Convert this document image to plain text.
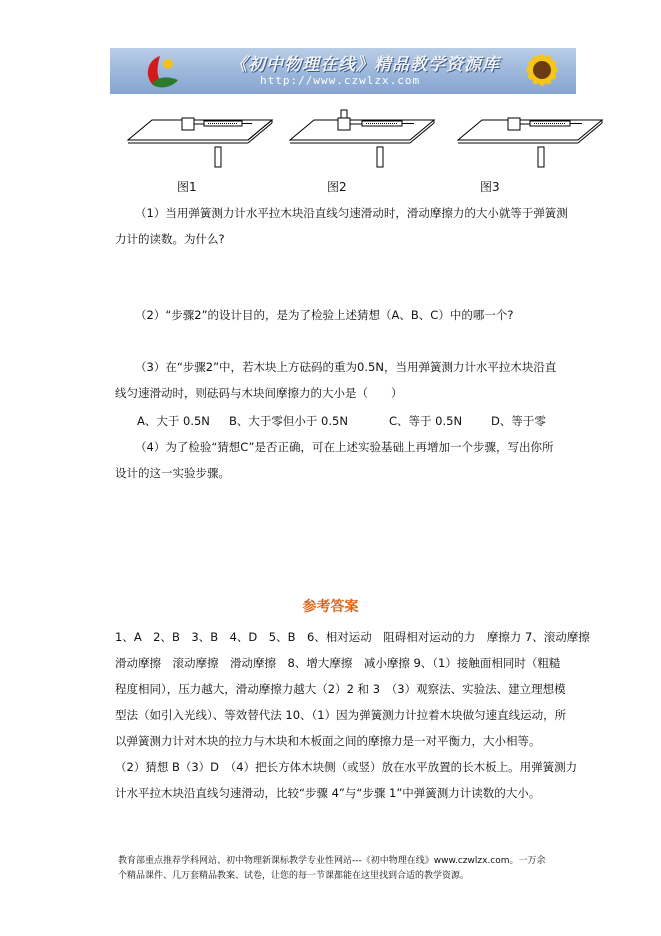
《初中物理在线》精品教学资源库
http://www.czwlzx.com
图1	图2	图3
（1）当用弹簧测力计水平拉木块沿直线匀速滑动时，滑动摩擦力的大小就等于弹簧测
力计的读数。为什么?
（2）“步骤2”的设计目的，是为了检验上述猜想（A、B、C）中的哪一个?
（3）在“步骤2”中，若木块上方砝码的重为0.5N，当用弹簧测力计水平拉木块沿直
线匀速滑动时，则砝码与木块间摩擦力的大小是（　　）
A、大于 0.5N	B、大于零但小于 0.5N	C、等于 0.5N	D、等于零
（4）为了检验“猜想C”是否正确，可在上述实验基础上再增加一个步骤，写出你所
设计的这一实验步骤。
参考答案
1、A　2、B　3、B　4、D　5、B　6、相对运动　阻碍相对运动的力　摩擦力 7、滚动摩擦
滑动摩擦　滚动摩擦　滑动摩擦　8、增大摩擦　减小摩擦 9、（1）接触面相同时（粗糙
程度相同），压力越大，滑动摩擦力越大（2）2 和 3　（3）观察法、实验法、建立理想模
型法（如引入光线）、等效替代法 10、（1）因为弹簧测力计拉着木块做匀速直线运动，所
以弹簧测力计对木块的拉力与木块和木板面之间的摩擦力是一对平衡力，大小相等。
（2）猜想 B（3）D　（4）把长方体木块侧（或竖）放在水平放置的长木板上。用弹簧测力
计水平拉木块沿直线匀速滑动，比较“步骤 4”与“步骤 1”中弹簧测力计读数的大小。
教育部重点推荐学科网站、初中物理新课标教学专业性网站---《初中物理在线》www.czwlzx.com。一万余
个精品课件、几万套精品教案、试卷，让您的每一节课都能在这里找到合适的教学资源。
